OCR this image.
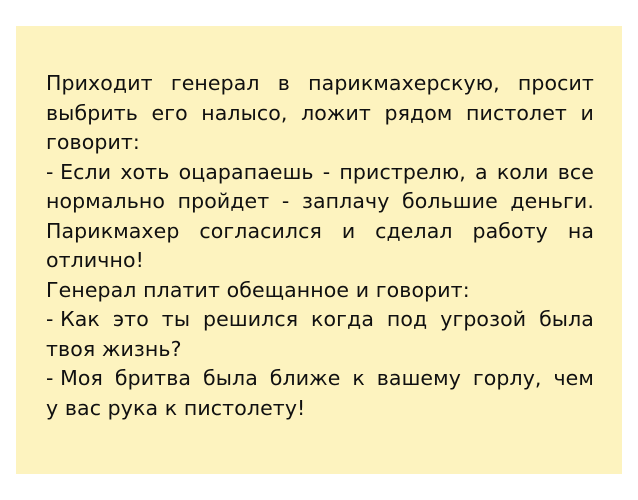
Приходит генерал в парикмахерскую, просит
выбрить его налысо, ложит рядом пистолет и
говорит:
- Если хоть оцарапаешь - пристрелю, а коли все
нормально пройдет - заплачу большие деньги.
Парикмахер согласился и сделал работу на
отлично!
Генерал платит обещанное и говорит:
- Как это ты решился когда под угрозой была
твоя жизнь?
- Моя бритва была ближе к вашему горлу, чем
у вас рука к пистолету!
